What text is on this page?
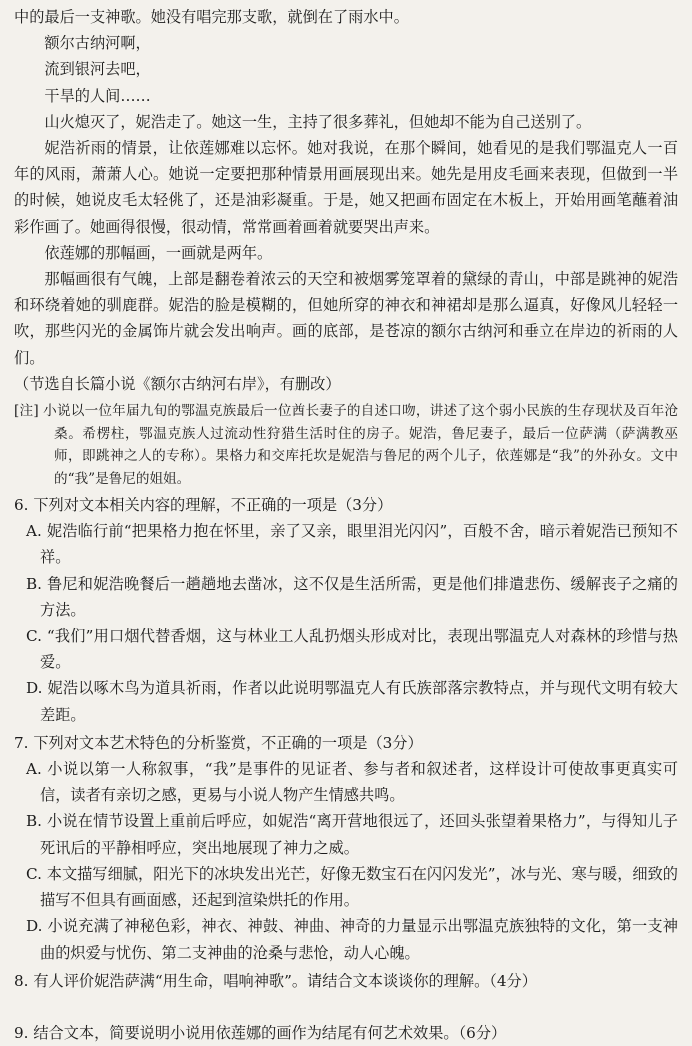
中的最后一支神歌。她没有唱完那支歌，就倒在了雨水中。

额尔古纳河啊，

流到银河去吧，

干旱的人间……

山火熄灭了，妮浩走了。她这一生，主持了很多葬礼，但她却不能为自己送别了。

妮浩祈雨的情景，让依莲娜难以忘怀。她对我说，在那个瞬间，她看见的是我们鄂温克人一百年的风雨，萧萧人心。她说一定要把那种情景用画展现出来。她先是用皮毛画来表现，但做到一半的时候，她说皮毛太轻佻了，还是油彩凝重。于是，她又把画布固定在木板上，开始用画笔蘸着油彩作画了。她画得很慢，很动情，常常画着画着就要哭出声来。

依莲娜的那幅画，一画就是两年。

那幅画很有气魄，上部是翻卷着浓云的天空和被烟雾笼罩着的黛绿的青山，中部是跳神的妮浩和环绕着她的驯鹿群。妮浩的脸是模糊的，但她所穿的神衣和神裙却是那么逼真，好像风儿轻轻一吹，那些闪光的金属饰片就会发出响声。画的底部，是苍凉的额尔古纳河和垂立在岸边的祈雨的人们。

（节选自长篇小说《额尔古纳河右岸》，有删改）

[注] 小说以一位年届九旬的鄂温克族最后一位酋长妻子的自述口吻，讲述了这个弱小民族的生存现状及百年沧桑。希楞柱，鄂温克族人过流动性狩猎生活时住的房子。妮浩，鲁尼妻子，最后一位萨满（萨满教巫师，即跳神之人的专称）。果格力和交库托坎是妮浩与鲁尼的两个儿子，依莲娜是“我”的外孙女。文中的“我”是鲁尼的姐姐。

6. 下列对文本相关内容的理解，不正确的一项是（3分）

A. 妮浩临行前“把果格力抱在怀里，亲了又亲，眼里泪光闪闪”，百般不舍，暗示着妮浩已预知不祥。

B. 鲁尼和妮浩晚餐后一趟趟地去凿冰，这不仅是生活所需，更是他们排遣悲伤、缓解丧子之痛的方法。

C. “我们”用口烟代替香烟，这与林业工人乱扔烟头形成对比，表现出鄂温克人对森林的珍惜与热爱。

D. 妮浩以啄木鸟为道具祈雨，作者以此说明鄂温克人有氏族部落宗教特点，并与现代文明有较大差距。

7. 下列对文本艺术特色的分析鉴赏，不正确的一项是（3分）

A. 小说以第一人称叙事，“我”是事件的见证者、参与者和叙述者，这样设计可使故事更真实可信，读者有亲切之感，更易与小说人物产生情感共鸣。

B. 小说在情节设置上重前后呼应，如妮浩“离开营地很远了，还回头张望着果格力”，与得知儿子死讯后的平静相呼应，突出地展现了神力之威。

C. 本文描写细腻，阳光下的冰块发出光芒，好像无数宝石在闪闪发光”，冰与光、寒与暖，细致的描写不但具有画面感，还起到渲染烘托的作用。

D. 小说充满了神秘色彩，神衣、神鼓、神曲、神奇的力量显示出鄂温克族独特的文化，第一支神曲的炽爱与忧伤、第二支神曲的沧桑与悲怆，动人心魄。

8. 有人评价妮浩萨满“用生命，唱响神歌”。请结合文本谈谈你的理解。（4分）

9. 结合文本，简要说明小说用依莲娜的画作为结尾有何艺术效果。（6分）
